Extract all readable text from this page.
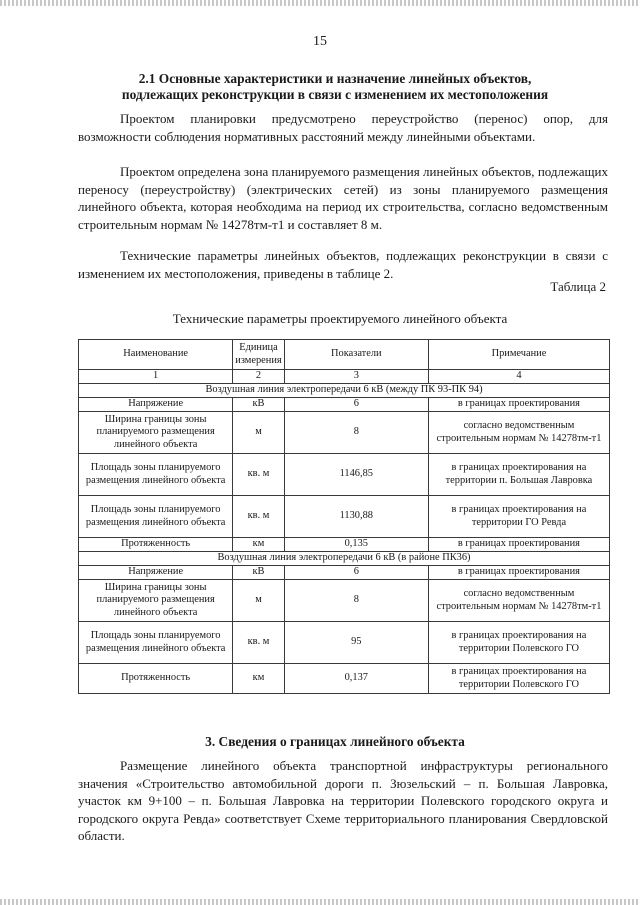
15
2.1 Основные характеристики и назначение линейных объектов,
подлежащих реконструкции в связи с изменением их местоположения
Проектом планировки предусмотрено переустройство (перенос) опор, для возможности соблюдения нормативных расстояний между линейными объектами.
Проектом определена зона планируемого размещения линейных объектов, подлежащих переносу (переустройству) (электрических сетей) из зоны планируемого размещения линейного объекта, которая необходима на период их строительства, согласно ведомственным строительным нормам № 14278тм-т1 и составляет 8 м.
Технические параметры линейных объектов, подлежащих реконструкции в связи с изменением их местоположения, приведены в таблице 2.
Таблица 2
Технические параметры проектируемого линейного объекта
Наименование	Единица измерения	Показатели	Примечание
1	2	3	4
Воздушная линия электропередачи 6 кВ (между ПК 93-ПК 94)			
Напряжение	кВ	6	в границах проектирования
Ширина границы зоны планируемого размещения линейного объекта	м	8	согласно ведомственным строительным нормам № 14278тм-т1
Площадь зоны планируемого размещения линейного объекта	кв. м	1146,85	в границах проектирования на территории п. Большая Лавровка
Площадь зоны планируемого размещения линейного объекта	кв. м	1130,88	в границах проектирования на территории ГО Ревда
Протяженность	км	0,135	в границах проектирования
Воздушная линия электропередачи 6 кВ (в районе ПК36)			
Напряжение	кВ	6	в границах проектирования
Ширина границы зоны планируемого размещения линейного объекта	м	8	согласно ведомственным строительным нормам № 14278тм-т1
Площадь зоны планируемого размещения линейного объекта	кв. м	95	в границах проектирования на территории Полевского ГО
Протяженность	км	0,137	в границах проектирования на территории Полевского ГО
3. Сведения о границах линейного объекта
Размещение линейного объекта транспортной инфраструктуры регионального значения «Строительство автомобильной дороги п. Зюзельский – п. Большая Лавровка, участок км 9+100 – п. Большая Лавровка на территории Полевского городского округа и городского округа Ревда» соответствует Схеме территориального планирования Свердловской области.
